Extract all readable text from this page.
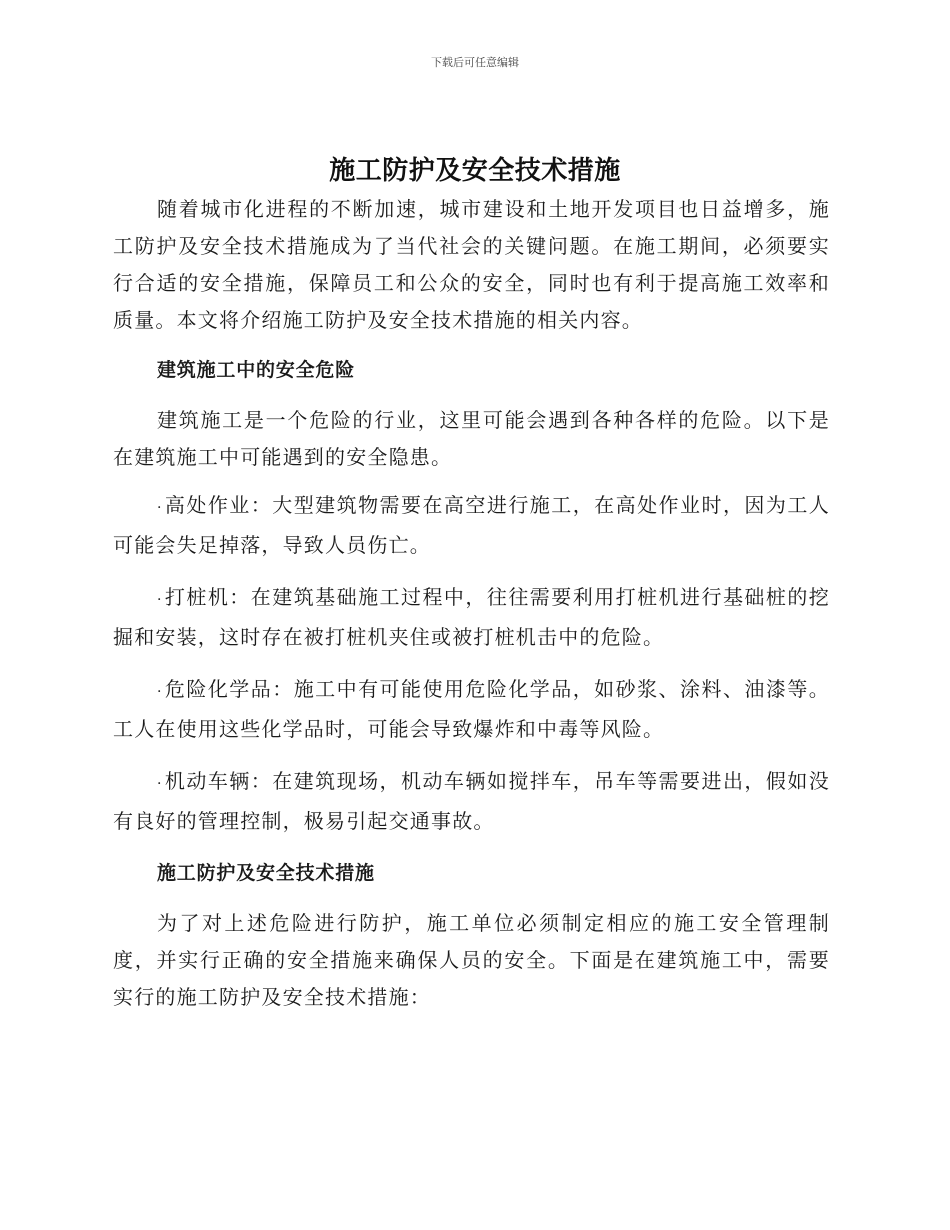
下载后可任意编辑
施工防护及安全技术措施

随着城市化进程的不断加速，城市建设和土地开发项目也日益增多，施工防护及安全技术措施成为了当代社会的关键问题。在施工期间，必须要实行合适的安全措施，保障员工和公众的安全，同时也有利于提高施工效率和质量。本文将介绍施工防护及安全技术措施的相关内容。

建筑施工中的安全危险

建筑施工是一个危险的行业，这里可能会遇到各种各样的危险。以下是在建筑施工中可能遇到的安全隐患。

· 高处作业：大型建筑物需要在高空进行施工，在高处作业时，因为工人可能会失足掉落，导致人员伤亡。

· 打桩机：在建筑基础施工过程中，往往需要利用打桩机进行基础桩的挖掘和安装，这时存在被打桩机夹住或被打桩机击中的危险。

· 危险化学品：施工中有可能使用危险化学品，如砂浆、涂料、油漆等。工人在使用这些化学品时，可能会导致爆炸和中毒等风险。

· 机动车辆：在建筑现场，机动车辆如搅拌车，吊车等需要进出，假如没有良好的管理控制，极易引起交通事故。

施工防护及安全技术措施

为了对上述危险进行防护，施工单位必须制定相应的施工安全管理制度，并实行正确的安全措施来确保人员的安全。下面是在建筑施工中，需要实行的施工防护及安全技术措施：
